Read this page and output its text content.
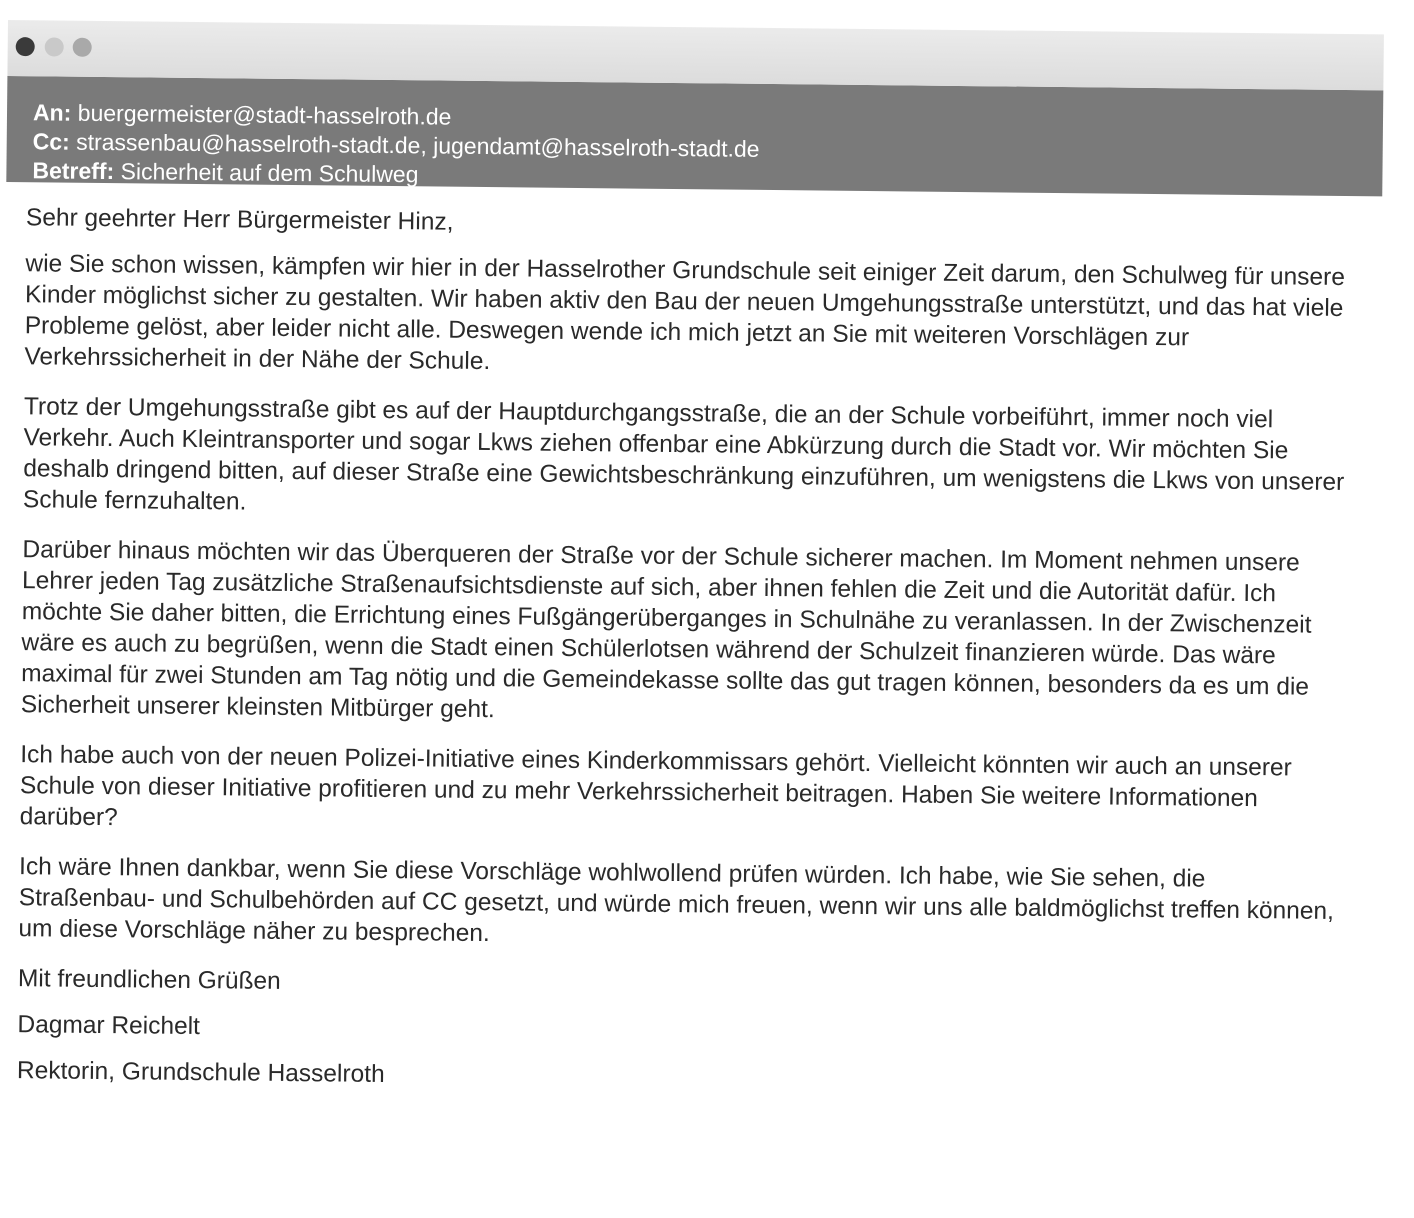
An: buergermeister@stadt-hasselroth.de
Cc: strassenbau@hasselroth-stadt.de, jugendamt@hasselroth-stadt.de
Betreff: Sicherheit auf dem Schulweg

Sehr geehrter Herr Bürgermeister Hinz,

wie Sie schon wissen, kämpfen wir hier in der Hasselrother Grundschule seit einiger Zeit darum, den Schulweg für unsere Kinder möglichst sicher zu gestalten. Wir haben aktiv den Bau der neuen Umgehungsstraße unterstützt, und das hat viele Probleme gelöst, aber leider nicht alle. Deswegen wende ich mich jetzt an Sie mit weiteren Vorschlägen zur Verkehrssicherheit in der Nähe der Schule.

Trotz der Umgehungsstraße gibt es auf der Hauptdurchgangsstraße, die an der Schule vorbeiführt, immer noch viel Verkehr. Auch Kleintransporter und sogar Lkws ziehen offenbar eine Abkürzung durch die Stadt vor. Wir möchten Sie deshalb dringend bitten, auf dieser Straße eine Gewichtsbeschränkung einzuführen, um wenigstens die Lkws von unserer Schule fernzuhalten.

Darüber hinaus möchten wir das Überqueren der Straße vor der Schule sicherer machen. Im Moment nehmen unsere Lehrer jeden Tag zusätzliche Straßenaufsichtsdienste auf sich, aber ihnen fehlen die Zeit und die Autorität dafür. Ich möchte Sie daher bitten, die Errichtung eines Fußgängerüberganges in Schulnähe zu veranlassen. In der Zwischenzeit wäre es auch zu begrüßen, wenn die Stadt einen Schülerlotsen während der Schulzeit finanzieren würde. Das wäre maximal für zwei Stunden am Tag nötig und die Gemeindekasse sollte das gut tragen können, besonders da es um die Sicherheit unserer kleinsten Mitbürger geht.

Ich habe auch von der neuen Polizei-Initiative eines Kinderkommissars gehört. Vielleicht könnten wir auch an unserer Schule von dieser Initiative profitieren und zu mehr Verkehrssicherheit beitragen. Haben Sie weitere Informationen darüber?

Ich wäre Ihnen dankbar, wenn Sie diese Vorschläge wohlwollend prüfen würden. Ich habe, wie Sie sehen, die Straßenbau- und Schulbehörden auf CC gesetzt, und würde mich freuen, wenn wir uns alle baldmöglichst treffen können, um diese Vorschläge näher zu besprechen.

Mit freundlichen Grüßen

Dagmar Reichelt

Rektorin, Grundschule Hasselroth
